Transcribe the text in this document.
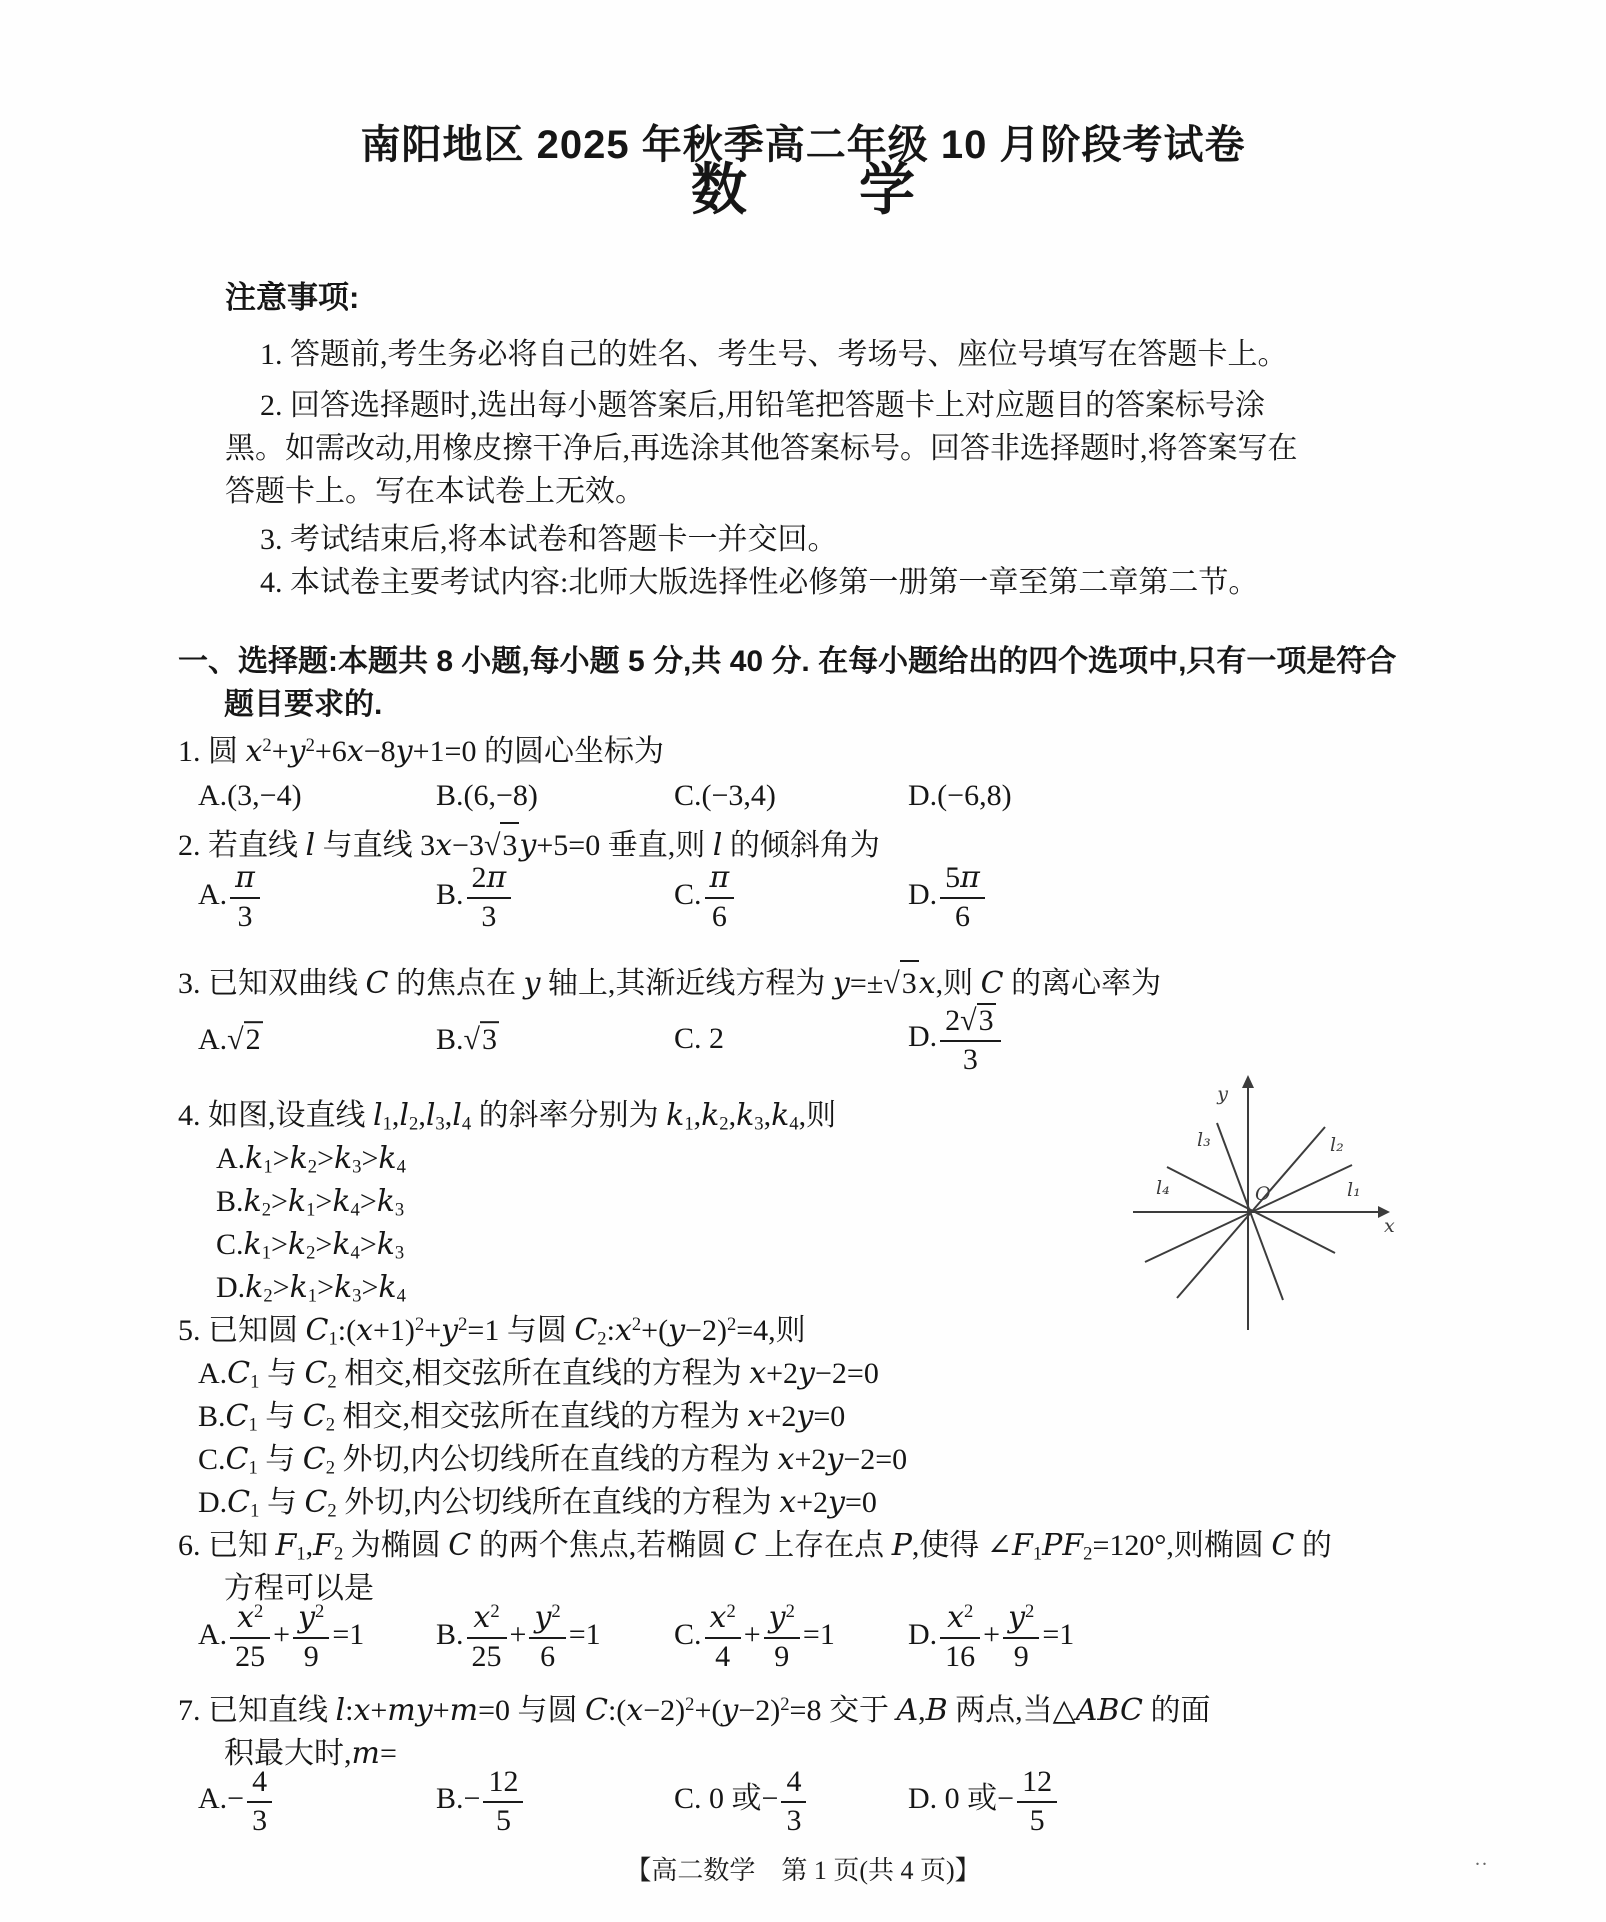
南阳地区 2025 年秋季高二年级 10 月阶段考试卷
数　　学
注意事项:

1. 答题前,考生务必将自己的姓名、考生号、考场号、座位号填写在答题卡上。

2. 回答选择题时,选出每小题答案后,用铅笔把答题卡上对应题目的答案标号涂

黑。如需改动,用橡皮擦干净后,再选涂其他答案标号。回答非选择题时,将答案写在

答题卡上。写在本试卷上无效。

3. 考试结束后,将本试卷和答题卡一并交回。

4. 本试卷主要考试内容:北师大版选择性必修第一册第一章至第二章第二节。

一、选择题:本题共 8 小题,每小题 5 分,共 40 分. 在每小题给出的四个选项中,只有一项是符合

题目要求的.

1. 圆 $x^2+y^2+6x-8y+1=0$ 的圆心坐标为

A.(3,−4)	B.(6,−8)	C.(−3,4)	D.(−6,8)

2. 若直线 l 与直线 3x−3√3y+5=0 垂直,则 l 的倾斜角为

A. $\frac{\pi}{3}$	B. $\frac{2\pi}{3}$	C. $\frac{\pi}{6}$	D. $\frac{5\pi}{6}$

3. 已知双曲线 C 的焦点在 y 轴上,其渐近线方程为 y=±√3x,则 C 的离心率为

A.√2	B.√3	C. 2	D. $\frac{2√3}{3}$

4. 如图,设直线 $l_1,l_2,l_3,l_4$ 的斜率分别为 $k_1,k_2,k_3,k_4$,则

$A.k_1>k_2>k_3>k_4$

$B.k_2>k_1>k_4>k_3$

$C.k_1>k_2>k_4>k_3$

$D.k_2>k_1>k_3>k_4$

5. 已知圆 $C_1:(x+1)^2+y^2=1$ 与圆 $C_2:x^2+(y-2)^2=4$,则

$A.C_1$ 与 $C_2$ 相交,相交弦所在直线的方程为 x+2y−2=0

$B.C_1$ 与 $C_2$ 相交,相交弦所在直线的方程为 x+2y=0

$C.C_1$ 与 $C_2$ 外切,内公切线所在直线的方程为 x+2y−2=0

$D.C_1$ 与 $C_2$ 外切,内公切线所在直线的方程为 x+2y=0

6. 已知 $F_1,F_2$ 为椭圆 C 的两个焦点,若椭圆 C 上存在点 P,使得 $\angle F_1PF_2=120^\circ$,则椭圆 C 的

方程可以是

A. $\frac{x^2}{25} + \frac{y^2}{9} =1$ B. $\frac{x^2}{25} + \frac{y^2}{6} =1$ C. $\frac{x^2}{4} + \frac{y^2}{9} =1$ D. $\frac{x^2}{16} + \frac{y^2}{9} =1$

7. 已知直线 l:x+my+m=0 与圆 $C:(x-2)^2+(y-2)^2=8$ 交于 A,B 两点,当△ABC 的面

积最大时,m=

$A.- \frac{4}{3}$	$B.- \frac{12}{5}$	C. 0 或− $\frac{4}{3}$	D. 0 或− $\frac{12}{5}$
y
x
O	l₁
l₂
l₃
l₄
【高二数学　第 1 页(共 4 页)】	..
